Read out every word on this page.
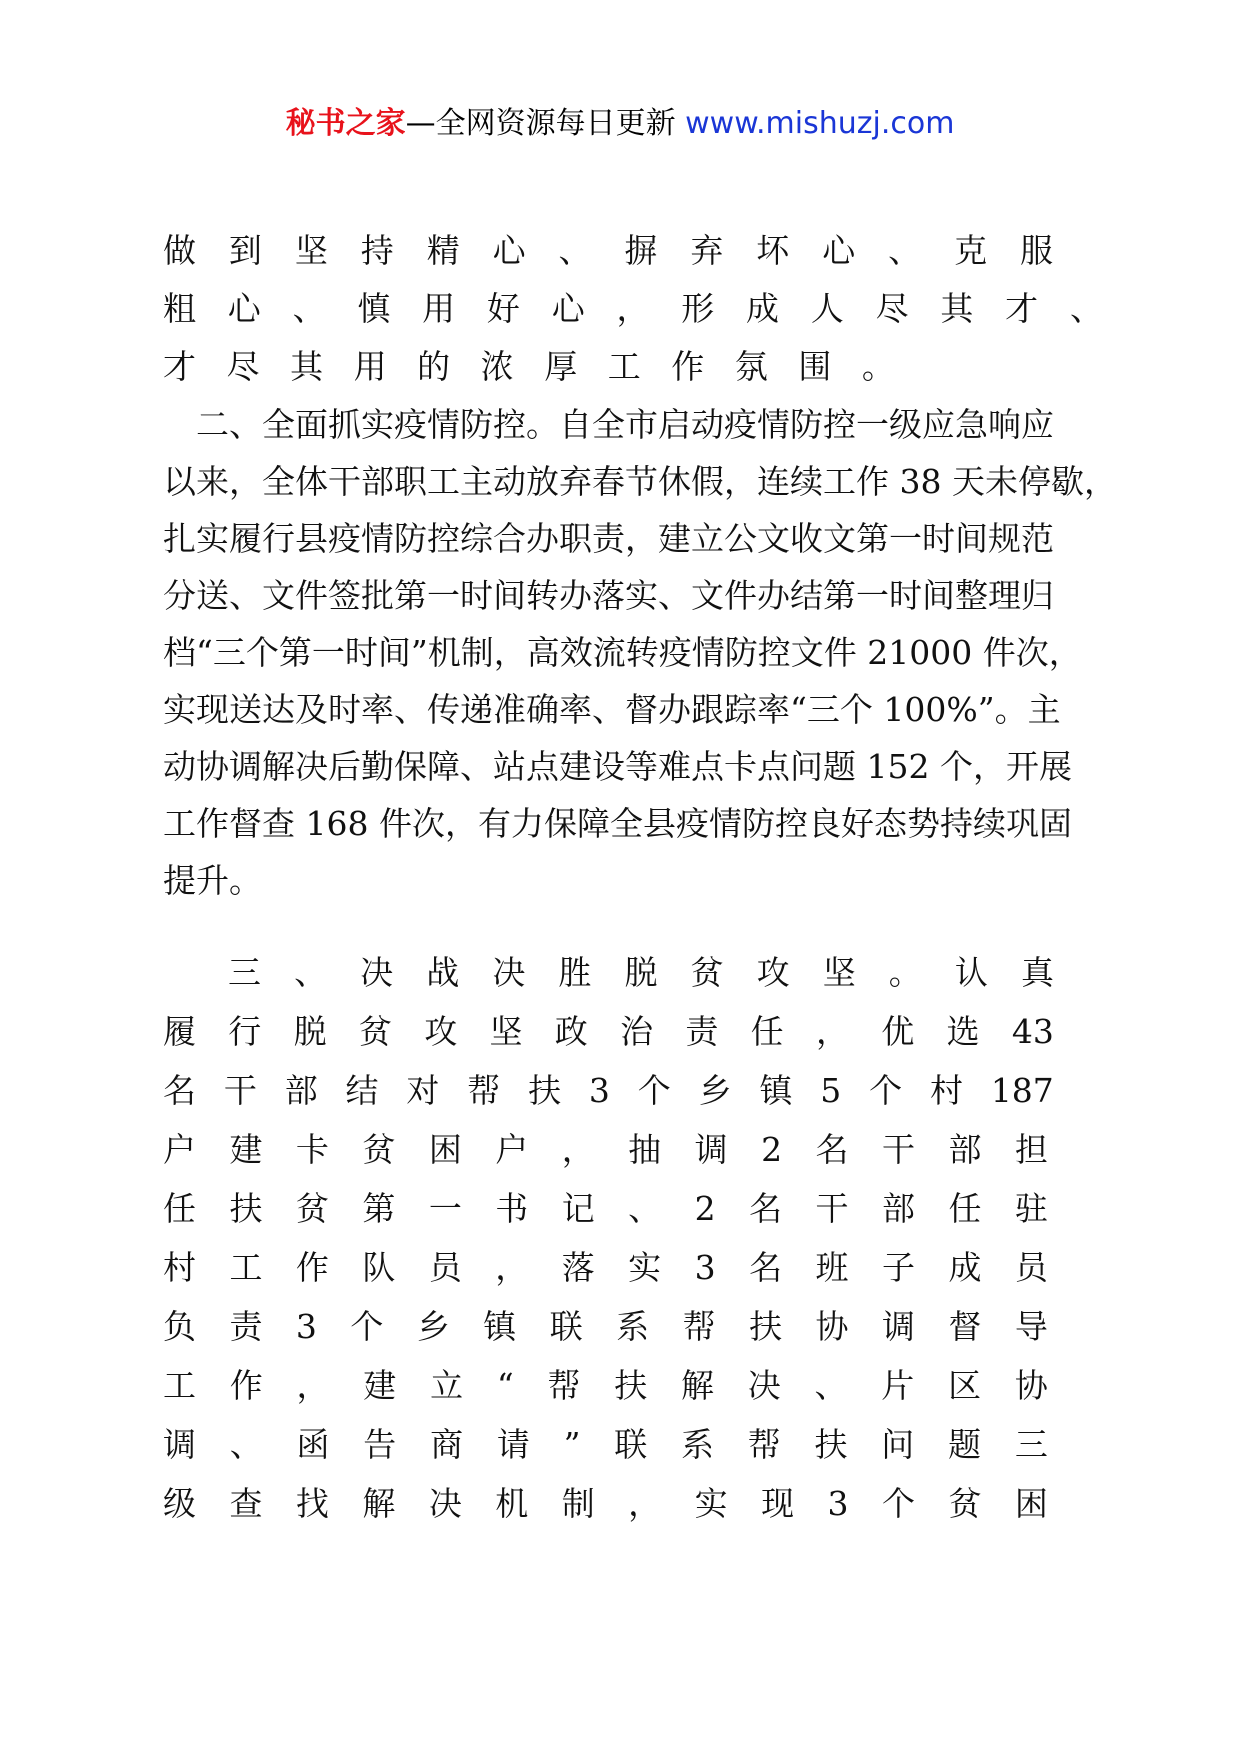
秘书之家—全网资源每日更新 www.mishuzj.com
做 到 坚 持 精 心 、 摒 弃 坏 心 、 克 服
粗 心 、 慎 用 好 心 ， 形 成 人 尽 其 才 、
才 尽 其 用 的 浓 厚 工 作 氛 围 。
二、全面抓实疫情防控。自全市启动疫情防控一级应急响应
以来，全体干部职工主动放弃春节休假，连续工作 38 天未停歇，
扎实履行县疫情防控综合办职责，建立公文收文第一时间规范
分送、文件签批第一时间转办落实、文件办结第一时间整理归
档“三个第一时间”机制，高效流转疫情防控文件 21000 件次，
实现送达及时率、传递准确率、督办跟踪率“三个 100%”。主
动协调解决后勤保障、站点建设等难点卡点问题 152 个，开展
工作督查 168 件次，有力保障全县疫情防控良好态势持续巩固
提升。
三 、 决 战 决 胜 脱 贫 攻 坚 。 认 真
履 行 脱 贫 攻 坚 政 治 责 任 ， 优 选 43
名 干 部 结 对 帮 扶 3 个 乡 镇 5 个 村 187
户 建 卡 贫 困 户 ， 抽 调 2 名 干 部 担
任 扶 贫 第 一 书 记 、 2 名 干 部 任 驻
村 工 作 队 员 ， 落 实 3 名 班 子 成 员
负 责 3 个 乡 镇 联 系 帮 扶 协 调 督 导
工 作 ， 建 立 “ 帮 扶 解 决 、 片 区 协
调 、 函 告 商 请 ” 联 系 帮 扶 问 题 三
级 查 找 解 决 机 制 ， 实 现 3 个 贫 困
